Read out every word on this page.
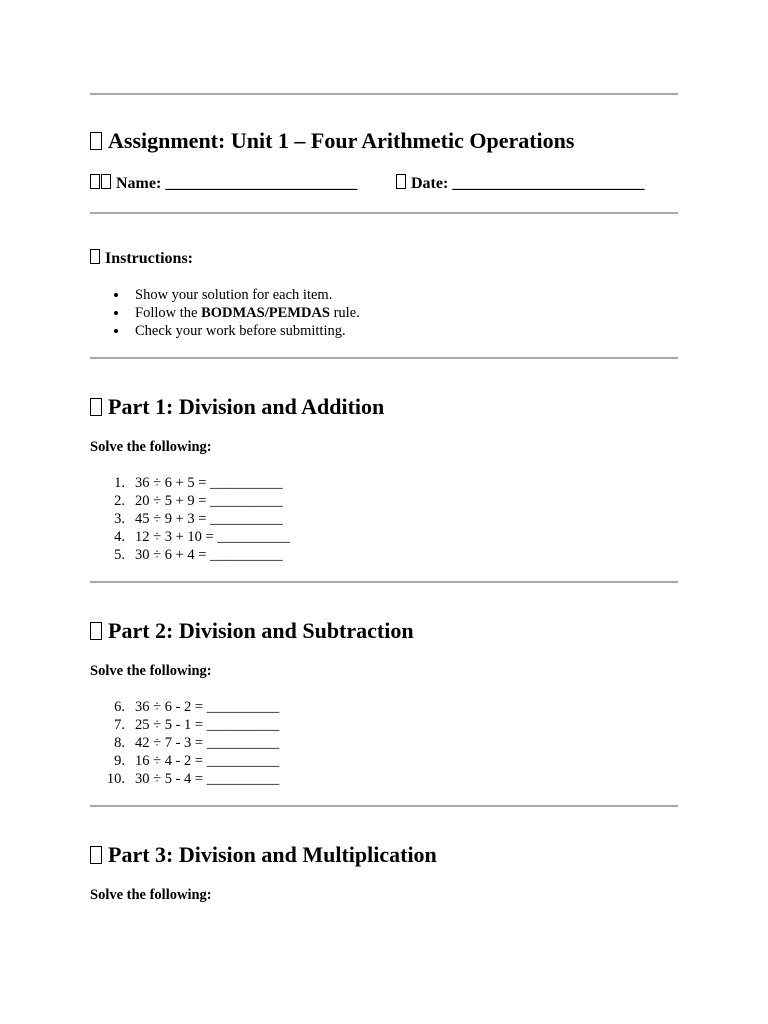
Assignment: Unit 1 – Four Arithmetic Operations
Name: ________________________	Date: ________________________
Instructions:
Show your solution for each item.
Follow the BODMAS/PEMDAS rule.
Check your work before submitting.
Part 1: Division and Addition
Solve the following:
1. 36 ÷ 6 + 5 = __________
2. 20 ÷ 5 + 9 = __________
3. 45 ÷ 9 + 3 = __________
4. 12 ÷ 3 + 10 = __________
5. 30 ÷ 6 + 4 = __________
Part 2: Division and Subtraction
Solve the following:
6. 36 ÷ 6 - 2 = __________
7. 25 ÷ 5 - 1 = __________
8. 42 ÷ 7 - 3 = __________
9. 16 ÷ 4 - 2 = __________
10. 30 ÷ 5 - 4 = __________
Part 3: Division and Multiplication
Solve the following:
